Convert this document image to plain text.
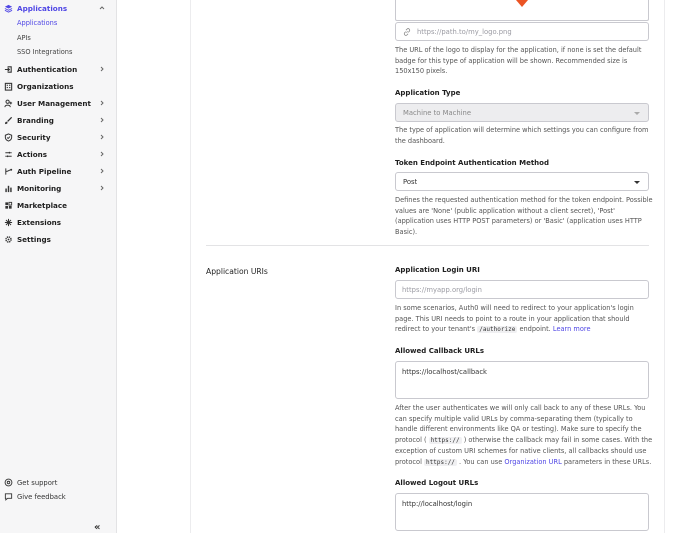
Applications
Applications
APIs
SSO Integrations
Authentication
Organizations
User Management
Branding
Security
Actions
Auth Pipeline
Monitoring
Marketplace
Extensions
Settings
Get support
Give feedback
«
https://path.to/my_logo.png
The URL of the logo to display for the application, if none is set the default badge for this type of application will be shown. Recommended size is 150x150 pixels.
Application Type
Machine to Machine
The type of application will determine which settings you can configure from the dashboard.
Token Endpoint Authentication Method
Post
Defines the requested authentication method for the token endpoint. Possible values are 'None' (public application without a client secret), 'Post' (application uses HTTP POST parameters) or 'Basic' (application uses HTTP Basic).
Application URIs	Application Login URI
https://myapp.org/login
In some scenarios, Auth0 will need to redirect to your application's login page. This URI needs to point to a route in your application that should redirect to your tenant's /authorize endpoint. Learn more
Allowed Callback URLs
https://localhost/callback
After the user authenticates we will only call back to any of these URLs. You can specify multiple valid URLs by comma-separating them (typically to handle different environments like QA or testing). Make sure to specify the protocol ( https:// ) otherwise the callback may fail in some cases. With the exception of custom URI schemes for native clients, all callbacks should use protocol https:// . You can use Organization URL parameters in these URLs.
Allowed Logout URLs
http://localhost/login
